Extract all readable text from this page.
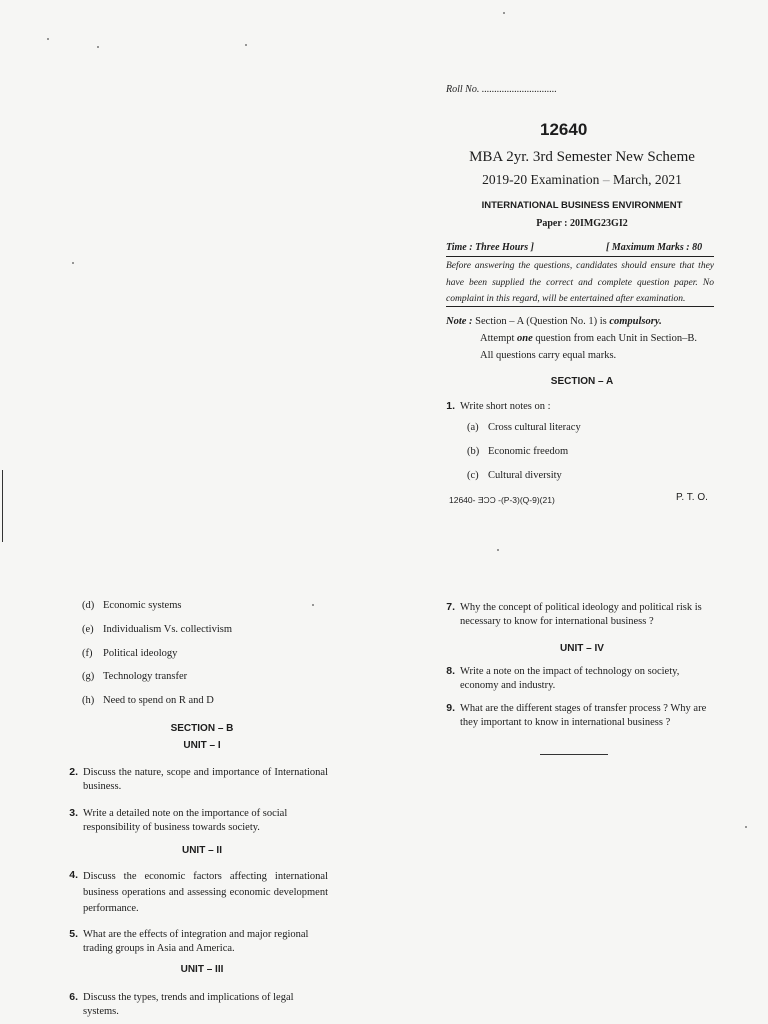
Roll No. ..............................
12640
MBA 2yr. 3rd Semester New Scheme
2019-20 Examination – March, 2021
INTERNATIONAL BUSINESS ENVIRONMENT
Paper : 20IMG23GI2
Time : Three Hours ]	[ Maximum Marks : 80
Before answering the questions, candidates should ensure that they have been supplied the correct and complete question paper. No complaint in this regard, will be entertained after examination.
Note : Section – A (Question No. 1) is compulsory.
Attempt one question from each Unit in Section–B.
All questions carry equal marks.
SECTION – A
1. Write short notes on :
(a) Cross cultural literacy
(b) Economic freedom
(c) Cultural diversity
12640- ƎƆƆ -(P-3)(Q-9)(21)	P. T. O.
(d) Economic systems
(e) Individualism Vs. collectivism
(f)	Political ideology
(g) Technology transfer
(h) Need to spend on R and D
SECTION – B
UNIT – I
2. Discuss the nature, scope and importance of International business.
3. Write a detailed note on the importance of social responsibility of business towards society.
UNIT – II
4. Discuss the economic factors affecting international business operations and assessing economic development performance.
5. What are the effects of integration and major regional trading groups in Asia and America.
UNIT – III
6. Discuss the types, trends and implications of legal systems.
7. Why the concept of political ideology and political risk is necessary to know for international business ?
UNIT – IV
8. Write a note on the impact of technology on society, economy and industry.
9. What are the different stages of transfer process ? Why are they important to know in international business ?
